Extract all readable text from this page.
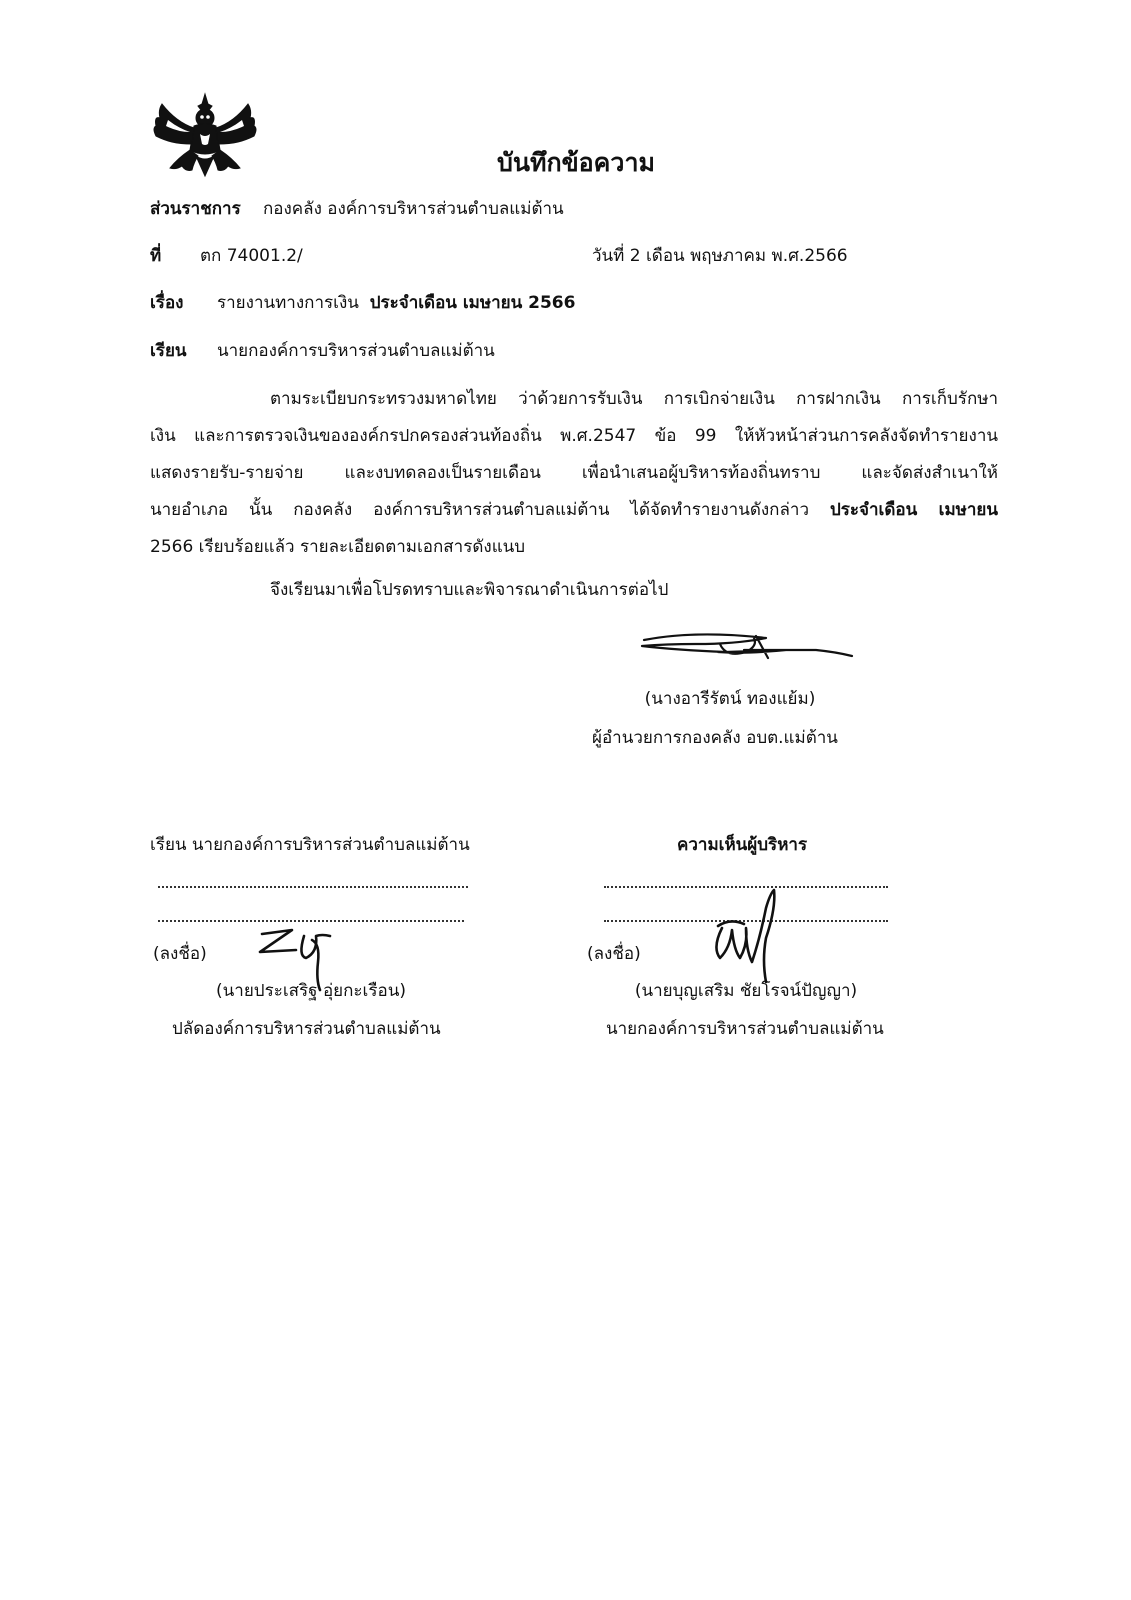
บันทึกข้อความ
ส่วนราชการ กองคลัง องค์การบริหารส่วนตำบลแม่ต้าน
ที่ ตก 74001.2/	วันที่ 2 เดือน พฤษภาคม พ.ศ.2566
เรื่อง รายงานทางการเงิน ประจำเดือน เมษายน 2566
เรียน นายกองค์การบริหารส่วนตำบลแม่ต้าน
ตามระเบียบกระทรวงมหาดไทย ว่าด้วยการรับเงิน การเบิกจ่ายเงิน การฝากเงิน การเก็บรักษา
เงิน และการตรวจเงินขององค์กรปกครองส่วนท้องถิ่น พ.ศ.2547 ข้อ 99 ให้หัวหน้าส่วนการคลังจัดทำรายงาน
แสดงรายรับ-รายจ่าย และงบทดลองเป็นรายเดือน เพื่อนำเสนอผู้บริหารท้องถิ่นทราบ และจัดส่งสำเนาให้
นายอำเภอ นั้น กองคลัง องค์การบริหารส่วนตำบลแม่ต้าน ได้จัดทำรายงานดังกล่าว ประจำเดือน เมษายน
2566 เรียบร้อยแล้ว รายละเอียดตามเอกสารดังแนบ
จึงเรียนมาเพื่อโปรดทราบและพิจารณาดำเนินการต่อไป
(นางอารีรัตน์ ทองแย้ม)
ผู้อำนวยการกองคลัง อบต.แม่ต้าน
เรียน นายกองค์การบริหารส่วนตำบลแม่ต้าน
(ลงชื่อ)
(นายประเสริฐ อุ่ยกะเรือน)
ปลัดองค์การบริหารส่วนตำบลแม่ต้าน
ความเห็นผู้บริหาร
(ลงชื่อ)
(นายบุญเสริม ชัยโรจน์ปัญญา)
นายกองค์การบริหารส่วนตำบลแม่ต้าน
